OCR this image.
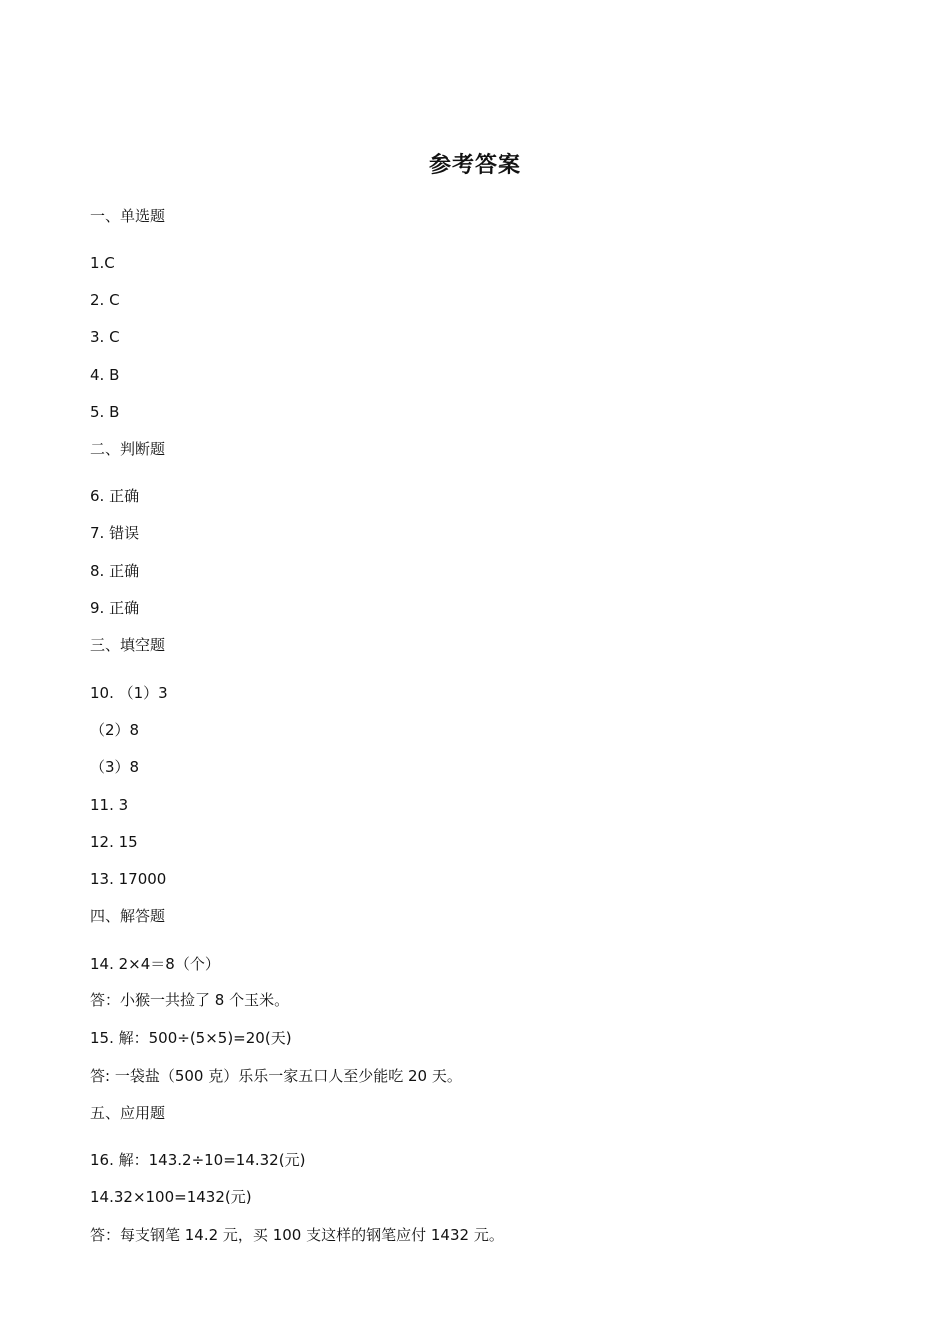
参考答案
一、单选题
1.C
2. C
3. C
4. B
5. B
二、判断题
6. 正确
7. 错误
8. 正确
9. 正确
三、填空题
10. （1）3
（2）8
（3）8
11. 3
12. 15
13. 17000
四、解答题
14. 2×4＝8（个）
答：小猴一共捡了 8 个玉米。
15. 解：500÷(5×5)=20(天)
答: 一袋盐（500 克）乐乐一家五口人至少能吃 20 天。
五、应用题
16. 解：143.2÷10=14.32(元)
14.32×100=1432(元)
答：每支钢笔 14.2 元，买 100 支这样的钢笔应付 1432 元。
